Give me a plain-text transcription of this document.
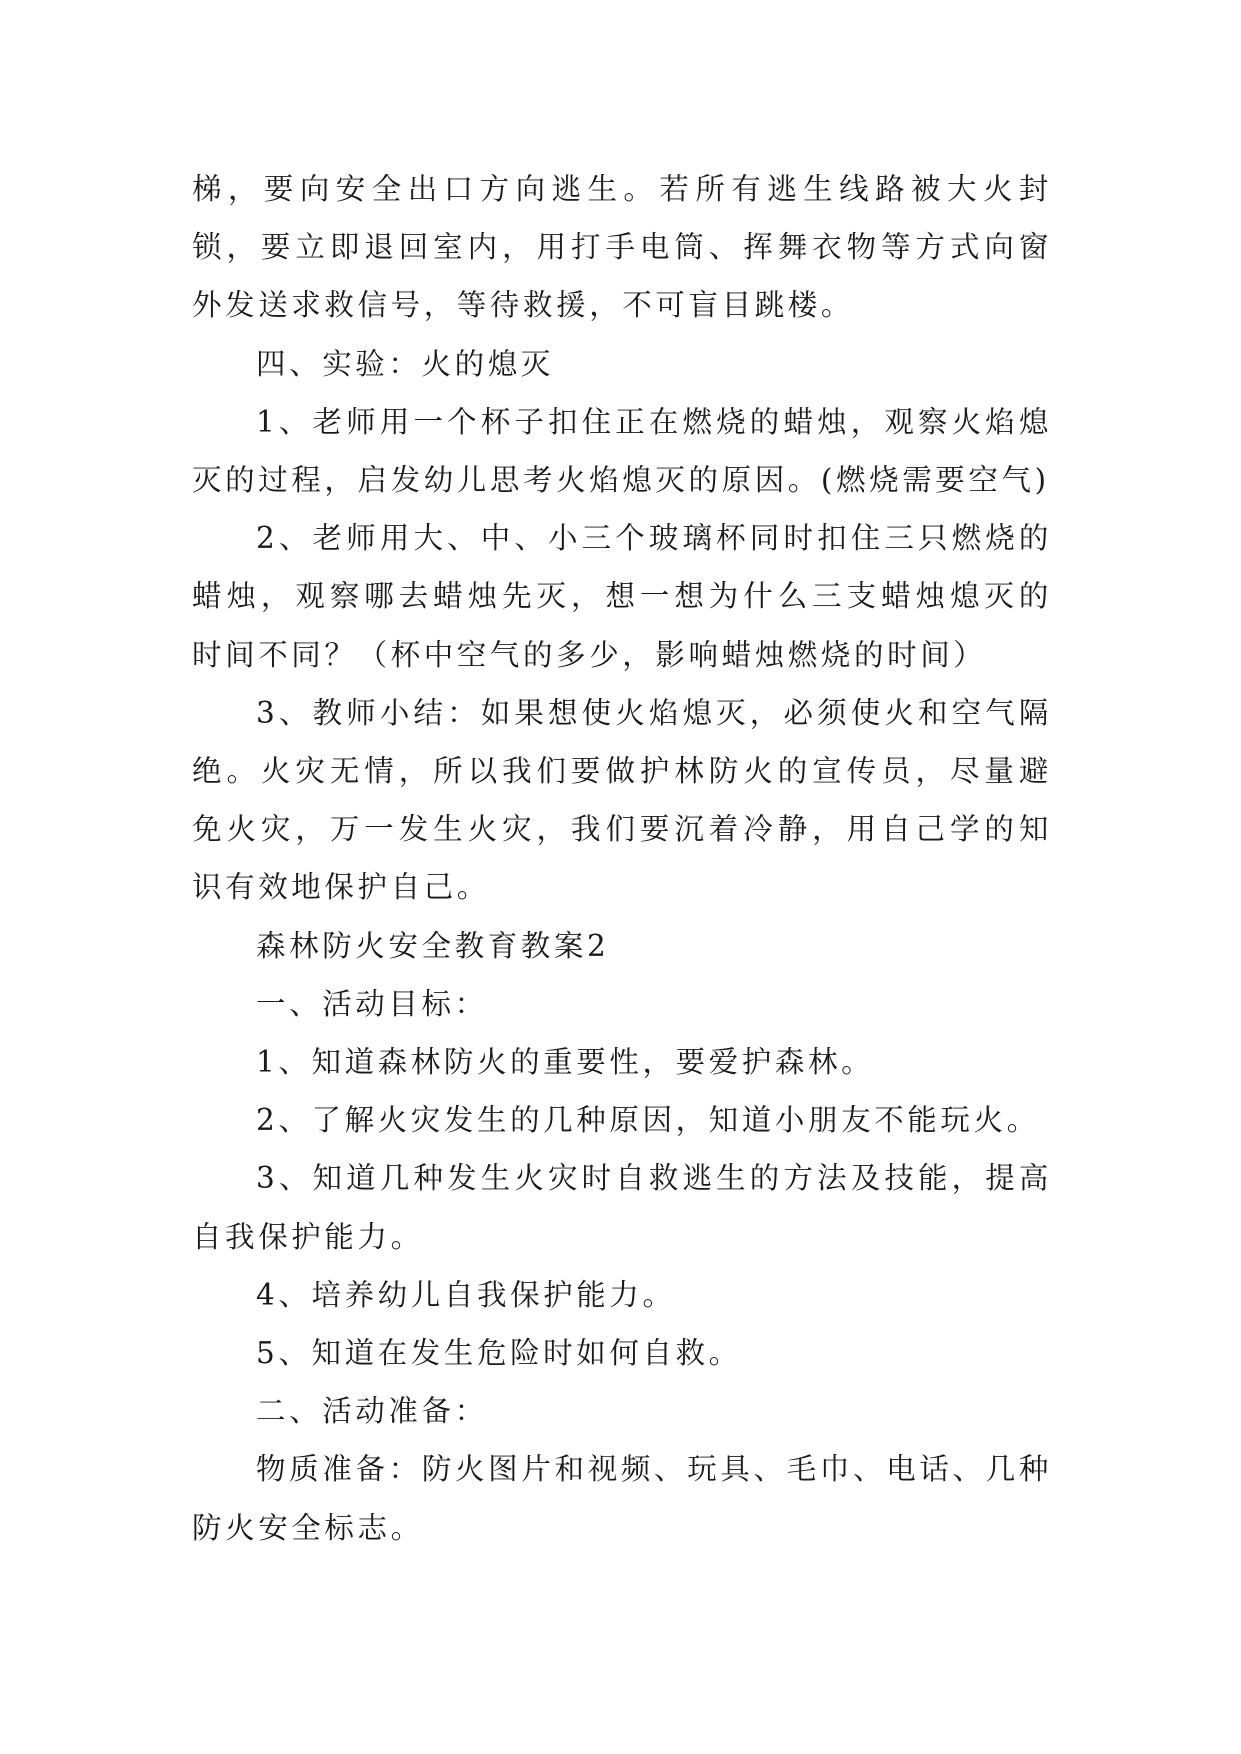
梯，要向安全出口方向逃生。若所有逃生线路被大火封锁，要立即退回室内，用打手电筒、挥舞衣物等方式向窗外发送求救信号，等待救援，不可盲目跳楼。

四、实验：火的熄灭

1、老师用一个杯子扣住正在燃烧的蜡烛，观察火焰熄灭的过程，启发幼儿思考火焰熄灭的原因。(燃烧需要空气)

2、老师用大、中、小三个玻璃杯同时扣住三只燃烧的蜡烛，观察哪去蜡烛先灭，想一想为什么三支蜡烛熄灭的时间不同？（杯中空气的多少，影响蜡烛燃烧的时间）

3、教师小结：如果想使火焰熄灭，必须使火和空气隔绝。火灾无情，所以我们要做护林防火的宣传员，尽量避免火灾，万一发生火灾，我们要沉着冷静，用自己学的知识有效地保护自己。

森林防火安全教育教案2

一、活动目标：

1、知道森林防火的重要性，要爱护森林。

2、了解火灾发生的几种原因，知道小朋友不能玩火。

3、知道几种发生火灾时自救逃生的方法及技能，提高自我保护能力。

4、培养幼儿自我保护能力。

5、知道在发生危险时如何自救。

二、活动准备：

物质准备：防火图片和视频、玩具、毛巾、电话、几种防火安全标志。
